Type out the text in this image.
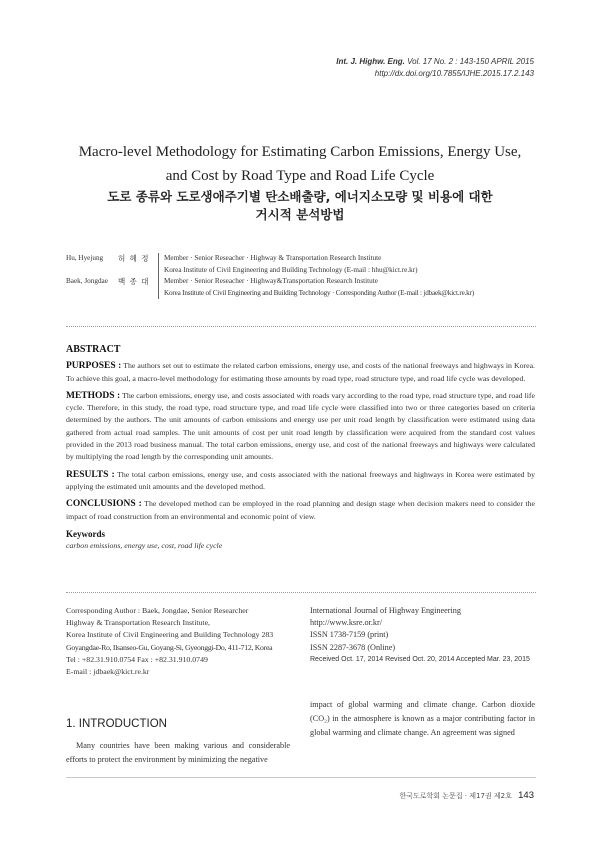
Int. J. Highw. Eng. Vol. 17 No. 2 : 143-150 APRIL 2015
http://dx.doi.org/10.7855/IJHE.2015.17.2.143
Macro-level Methodology for Estimating Carbon Emissions, Energy Use,
and Cost by Road Type and Road Life Cycle
도로 종류와 도로생애주기별 탄소배출량, 에너지소모량 및 비용에 대한
거시적 분석방법
Hu, Hyejung	허 혜 정	Member · Senior Reseacher · Highway & Transportation Research Institute
Korea Institute of Civil Engineering and Building Technology (E-mail : hhu@kict.re.kr)
Baek, Jongdae	백 종 대	Member · Senior Reseacher · Highway&Transportation Research Institute
Korea Institute of Civil Engineering and Building Technology · Corresponding Author (E-mail : jdbaek@kict.re.kr)
ABSTRACT

PURPOSES : The authors set out to estimate the related carbon emissions, energy use, and costs of the national freeways and highways in Korea. To achieve this goal, a macro-level methodology for estimating those amounts by road type, road structure type, and road life cycle was developed.

METHODS : The carbon emissions, energy use, and costs associated with roads vary according to the road type, road structure type, and road life cycle. Therefore, in this study, the road type, road structure type, and road life cycle were classified into two or three categories based on criteria determined by the authors. The unit amounts of carbon emissions and energy use per unit road length by classification were estimated using data gathered from actual road samples. The unit amounts of cost per unit road length by classification were acquired from the standard cost values provided in the 2013 road business manual. The total carbon emissions, energy use, and cost of the national freeways and highways were calculated by multiplying the road length by the corresponding unit amounts.

RESULTS : The total carbon emissions, energy use, and costs associated with the national freeways and highways in Korea were estimated by applying the estimated unit amounts and the developed method.

CONCLUSIONS : The developed method can be employed in the road planning and design stage when decision makers need to consider the impact of road construction from an environmental and economic point of view.

Keywords
carbon emissions, energy use, cost, road life cycle
Corresponding Author : Baek, Jongdae, Senior Researcher
Highway & Transportation Research Institute,
Korea Institute of Civil Engineering and Building Technology 283
Goyangdae-Ro, Ilsanseo-Gu, Goyang-Si, Gyeonggi-Do, 411-712, Korea
Tel : +82.31.910.0754 Fax : +82.31.910.0749
E-mail : jdbaek@kict.re.kr
International Journal of Highway Engineering
http://www.ksre.or.kr/
ISSN 1738-7159 (print)
ISSN 2287-3678 (Online)
Received Oct. 17, 2014 Revised Oct. 20, 2014 Accepted Mar. 23, 2015
1. INTRODUCTION
Many countries have been making various and considerable efforts to protect the environment by minimizing the negative
impact of global warming and climate change. Carbon dioxide (CO₂) in the atmosphere is known as a major contributing factor in global warming and climate change. An agreement was signed
한국도로학회 논문집 · 제17권 제2호 143
